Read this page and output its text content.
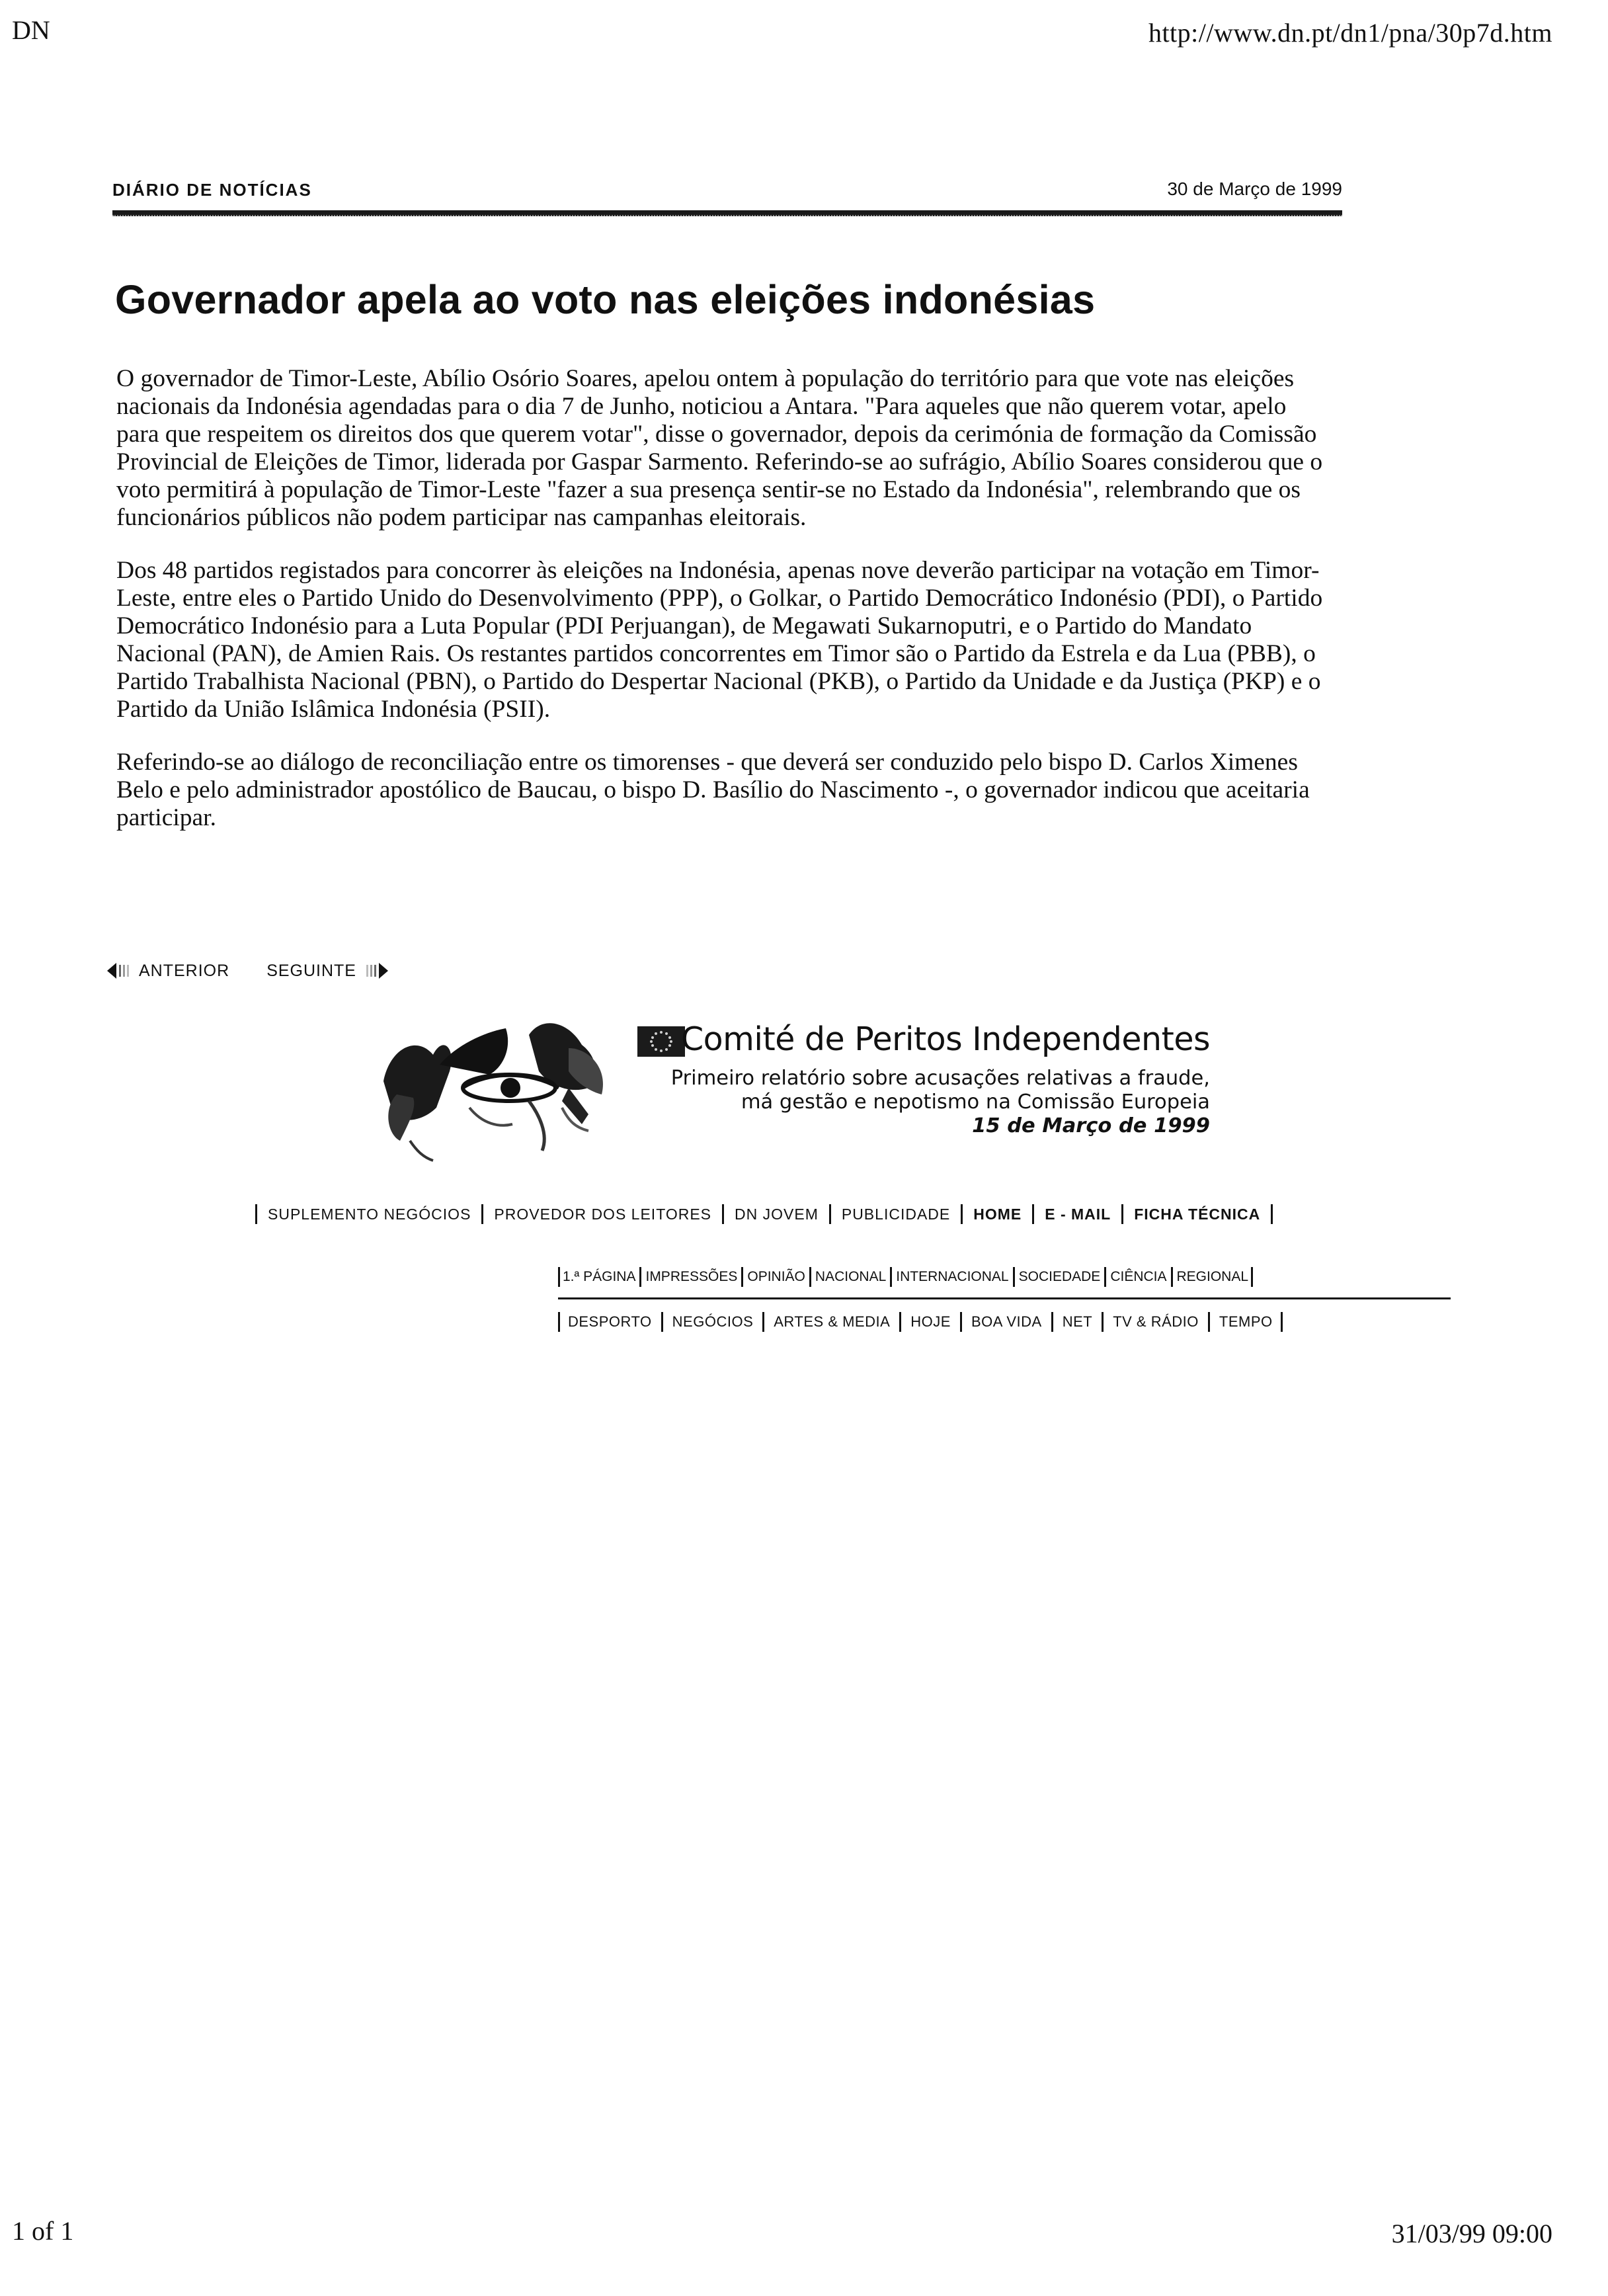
DN	http://www.dn.pt/dn1/pna/30p7d.htm
DIÁRIO DE NOTÍCIAS	30 de Março de 1999
Governador apela ao voto nas eleições indonésias

O governador de Timor-Leste, Abílio Osório Soares, apelou ontem à população do território para que vote nas eleições nacionais da Indonésia agendadas para o dia 7 de Junho, noticiou a Antara. "Para aqueles que não querem votar, apelo para que respeitem os direitos dos que querem votar", disse o governador, depois da cerimónia de formação da Comissão Provincial de Eleições de Timor, liderada por Gaspar Sarmento. Referindo-se ao sufrágio, Abílio Soares considerou que o voto permitirá à população de Timor-Leste "fazer a sua presença sentir-se no Estado da Indonésia", relembrando que os funcionários públicos não podem participar nas campanhas eleitorais.

Dos 48 partidos registados para concorrer às eleições na Indonésia, apenas nove deverão participar na votação em Timor-Leste, entre eles o Partido Unido do Desenvolvimento (PPP), o Golkar, o Partido Democrático Indonésio (PDI), o Partido Democrático Indonésio para a Luta Popular (PDI Perjuangan), de Megawati Sukarnoputri, e o Partido do Mandato Nacional (PAN), de Amien Rais. Os restantes partidos concorrentes em Timor são o Partido da Estrela e da Lua (PBB), o Partido Trabalhista Nacional (PBN), o Partido do Despertar Nacional (PKB), o Partido da Unidade e da Justiça (PKP) e o Partido da União Islâmica Indonésia (PSII).

Referindo-se ao diálogo de reconciliação entre os timorenses - que deverá ser conduzido pelo bispo D. Carlos Ximenes Belo e pelo administrador apostólico de Baucau, o bispo D. Basílio do Nascimento -, o governador indicou que aceitaria participar.

ANTERIOR SEGUINTE
Comité de Peritos Independentes
Primeiro relatório sobre acusações relativas a fraude,
má gestão e nepotismo na Comissão Europeia
15 de Março de 1999
SUPLEMENTO NEGÓCIOS PROVEDOR DOS LEITORES DN JOVEM PUBLICIDADE HOME E - MAIL FICHA TÉCNICA
1.ª PÁGINA IMPRESSÕES OPINIÃO NACIONAL INTERNACIONAL SOCIEDADE CIÊNCIA REGIONAL
DESPORTO NEGÓCIOS ARTES & MEDIA HOJE BOA VIDA NET TV & RÁDIO TEMPO
1 of 1	31/03/99 09:00
